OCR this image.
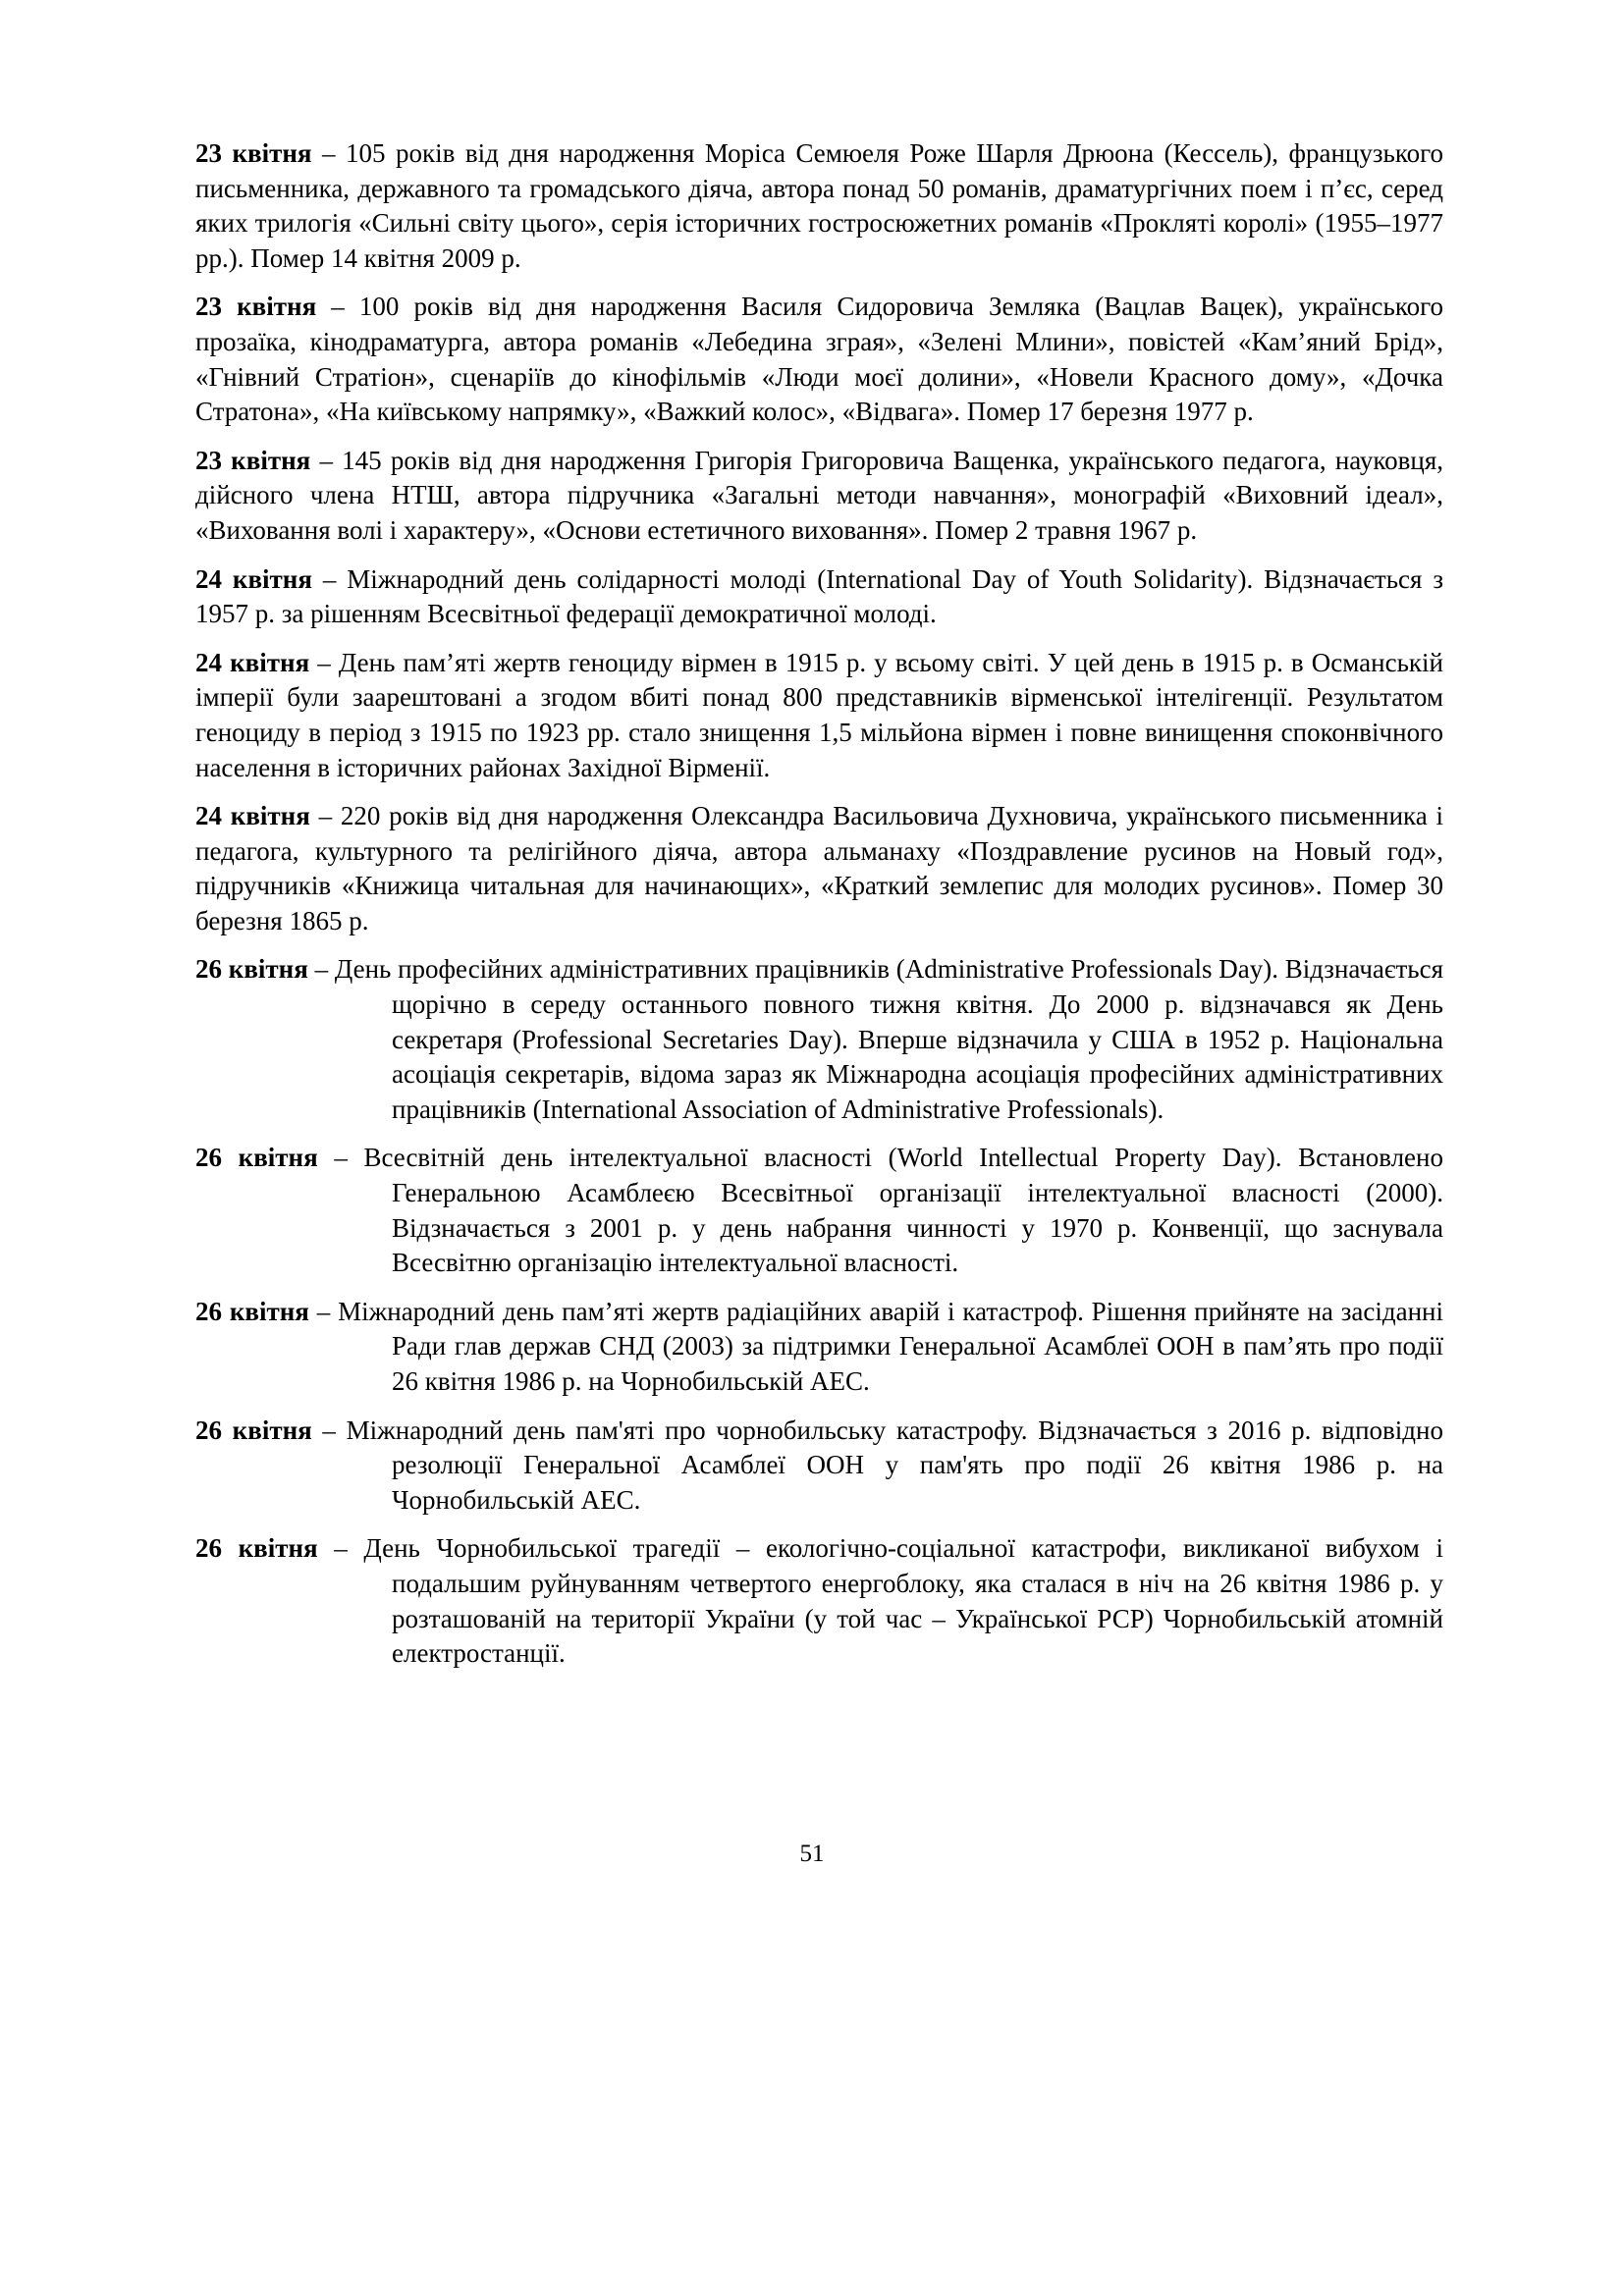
23 квітня – 105 років від дня народження Моріса Семюеля Роже Шарля Дрюона (Кессель), французького письменника, державного та громадського діяча, автора понад 50 романів, драматургічних поем і п’єс, серед яких трилогія «Сильні світу цього», серія історичних гостросюжетних романів «Прокляті королі» (1955–1977 рр.). Помер 14 квітня 2009 р.

23 квітня – 100 років від дня народження Василя Сидоровича Земляка (Вацлав Вацек), українського прозаїка, кінодраматурга, автора романів «Лебедина зграя», «Зелені Млини», повістей «Кам’яний Брід», «Гнівний Стратіон», сценаріїв до кінофільмів «Люди моєї долини», «Новели Красного дому», «Дочка Стратона», «На київському напрямку», «Важкий колос», «Відвага». Помер 17 березня 1977 р.

23 квітня – 145 років від дня народження Григорія Григоровича Ващенка, українського педагога, науковця, дійсного члена НТШ, автора підручника «Загальні методи навчання», монографій «Виховний ідеал», «Виховання волі і характеру», «Основи естетичного виховання». Помер 2 травня 1967 р.

24 квітня – Міжнародний день солідарності молоді (International Day of Youth Solidarity). Відзначається з 1957 р. за рішенням Всесвітньої федерації демократичної молоді.

24 квітня – День пам’яті жертв геноциду вірмен в 1915 р. у всьому світі. У цей день в 1915 р. в Османській імперії були заарештовані а згодом вбиті понад 800 представників вірменської інтелігенції. Результатом геноциду в період з 1915 по 1923 рр. стало знищення 1,5 мільйона вірмен і повне винищення споконвічного населення в історичних районах Західної Вірменії.

24 квітня – 220 років від дня народження Олександра Васильовича Духновича, українського письменника і педагога, культурного та релігійного діяча, автора альманаху «Поздравление русинов на Новый год», підручників «Книжица читальная для начинающих», «Краткий землепис для молодих русинов». Помер 30 березня 1865 р.

26 квітня – День професійних адміністративних працівників (Administrative Professionals Day). Відзначається щорічно в середу останнього повного тижня квітня. До 2000 р. відзначався як День секретаря (Professional Secretaries Day). Вперше відзначила у США в 1952 р. Національна асоціація секретарів, відома зараз як Міжнародна асоціація професійних адміністративних працівників (International Association of Administrative Professionals).

26 квітня – Всесвітній день інтелектуальної власності (World Intellectual Property Day). Встановлено Генеральною Асамблеєю Всесвітньої організації інтелектуальної власності (2000). Відзначається з 2001 р. у день набрання чинності у 1970 р. Конвенції, що заснувала Всесвітню організацію інтелектуальної власності.

26 квітня – Міжнародний день пам’яті жертв радіаційних аварій і катастроф. Рішення прийняте на засіданні Ради глав держав СНД (2003) за підтримки Генеральної Асамблеї ООН в пам’ять про події 26 квітня 1986 р. на Чорнобильській АЕС.

26 квітня – Міжнародний день пам'яті про чорнобильську катастрофу. Відзначається з 2016 р. відповідно резолюції Генеральної Асамблеї ООН у пам'ять про події 26 квітня 1986 р. на Чорнобильській АЕС.

26 квітня – День Чорнобильської трагедії – екологічно-соціальної катастрофи, викликаної вибухом і подальшим руйнуванням четвертого енергоблоку, яка сталася в ніч на 26 квітня 1986 р. у розташованій на території України (у той час – Української РСР) Чорнобильській атомній електростанції.

51
